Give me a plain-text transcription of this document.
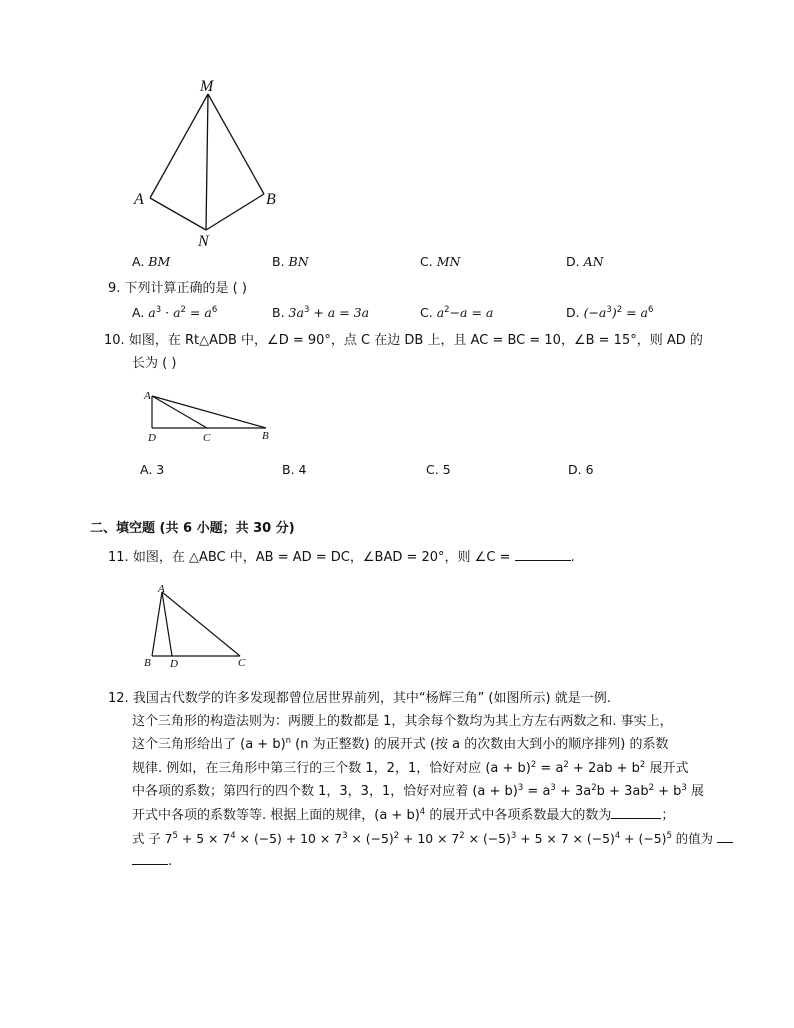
M
A	B
N
A. BM	B. BN	C. MN	D. AN
9. 下列计算正确的是 ( )
A. $a^3 \cdot a^2 = a^6$	B. $3a^3 + a = 3a$	C. $a^2-a = a$	D. $(-a^3)^2 = a^6$
10. 如图，在 Rt△ADB 中，∠D = 90°，点 C 在边 DB 上，且 AC = BC = 10，∠B = 15°，则 AD 的
长为 ( )
A
D	C	B
A. 3	B. 4	C. 5	D. 6
二、填空题 (共 6 小题；共 30 分)
11. 如图，在 △ABC 中，AB = AD = DC，∠BAD = 20°，则 ∠C =	.
A
B D	C
12. 我国古代数学的许多发现都曾位居世界前列，其中“杨辉三角” (如图所示) 就是一例.
这个三角形的构造法则为：两腰上的数都是 1，其余每个数均为其上方左右两数之和. 事实上，
这个三角形给出了 $(a + b)^n$ (n 为正整数) 的展开式 (按 a 的次数由大到小的顺序排列) 的系数
规律. 例如，在三角形中第三行的三个数 1，2，1，恰好对应 $(a + b)^2 = a^2 + 2ab + b^2$ 展开式
中各项的系数；第四行的四个数 1，3，3，1，恰好对应着 $(a + b)^3 = a^3 + 3a^2b + 3ab^2 + b^3$ 展
开式中各项的系数等等. 根据上面的规律，$(a + b)^4$ 的展开式中各项系数最大的数为	；
式 子 $7^5 + 5 \times 7^4 \times (-5) + 10 \times 7^3 \times (-5)^2 + 10 \times 7^2 \times (-5)^3 + 5 \times 7 \times (-5)^4 + (-5)^5$ 的值为
.
